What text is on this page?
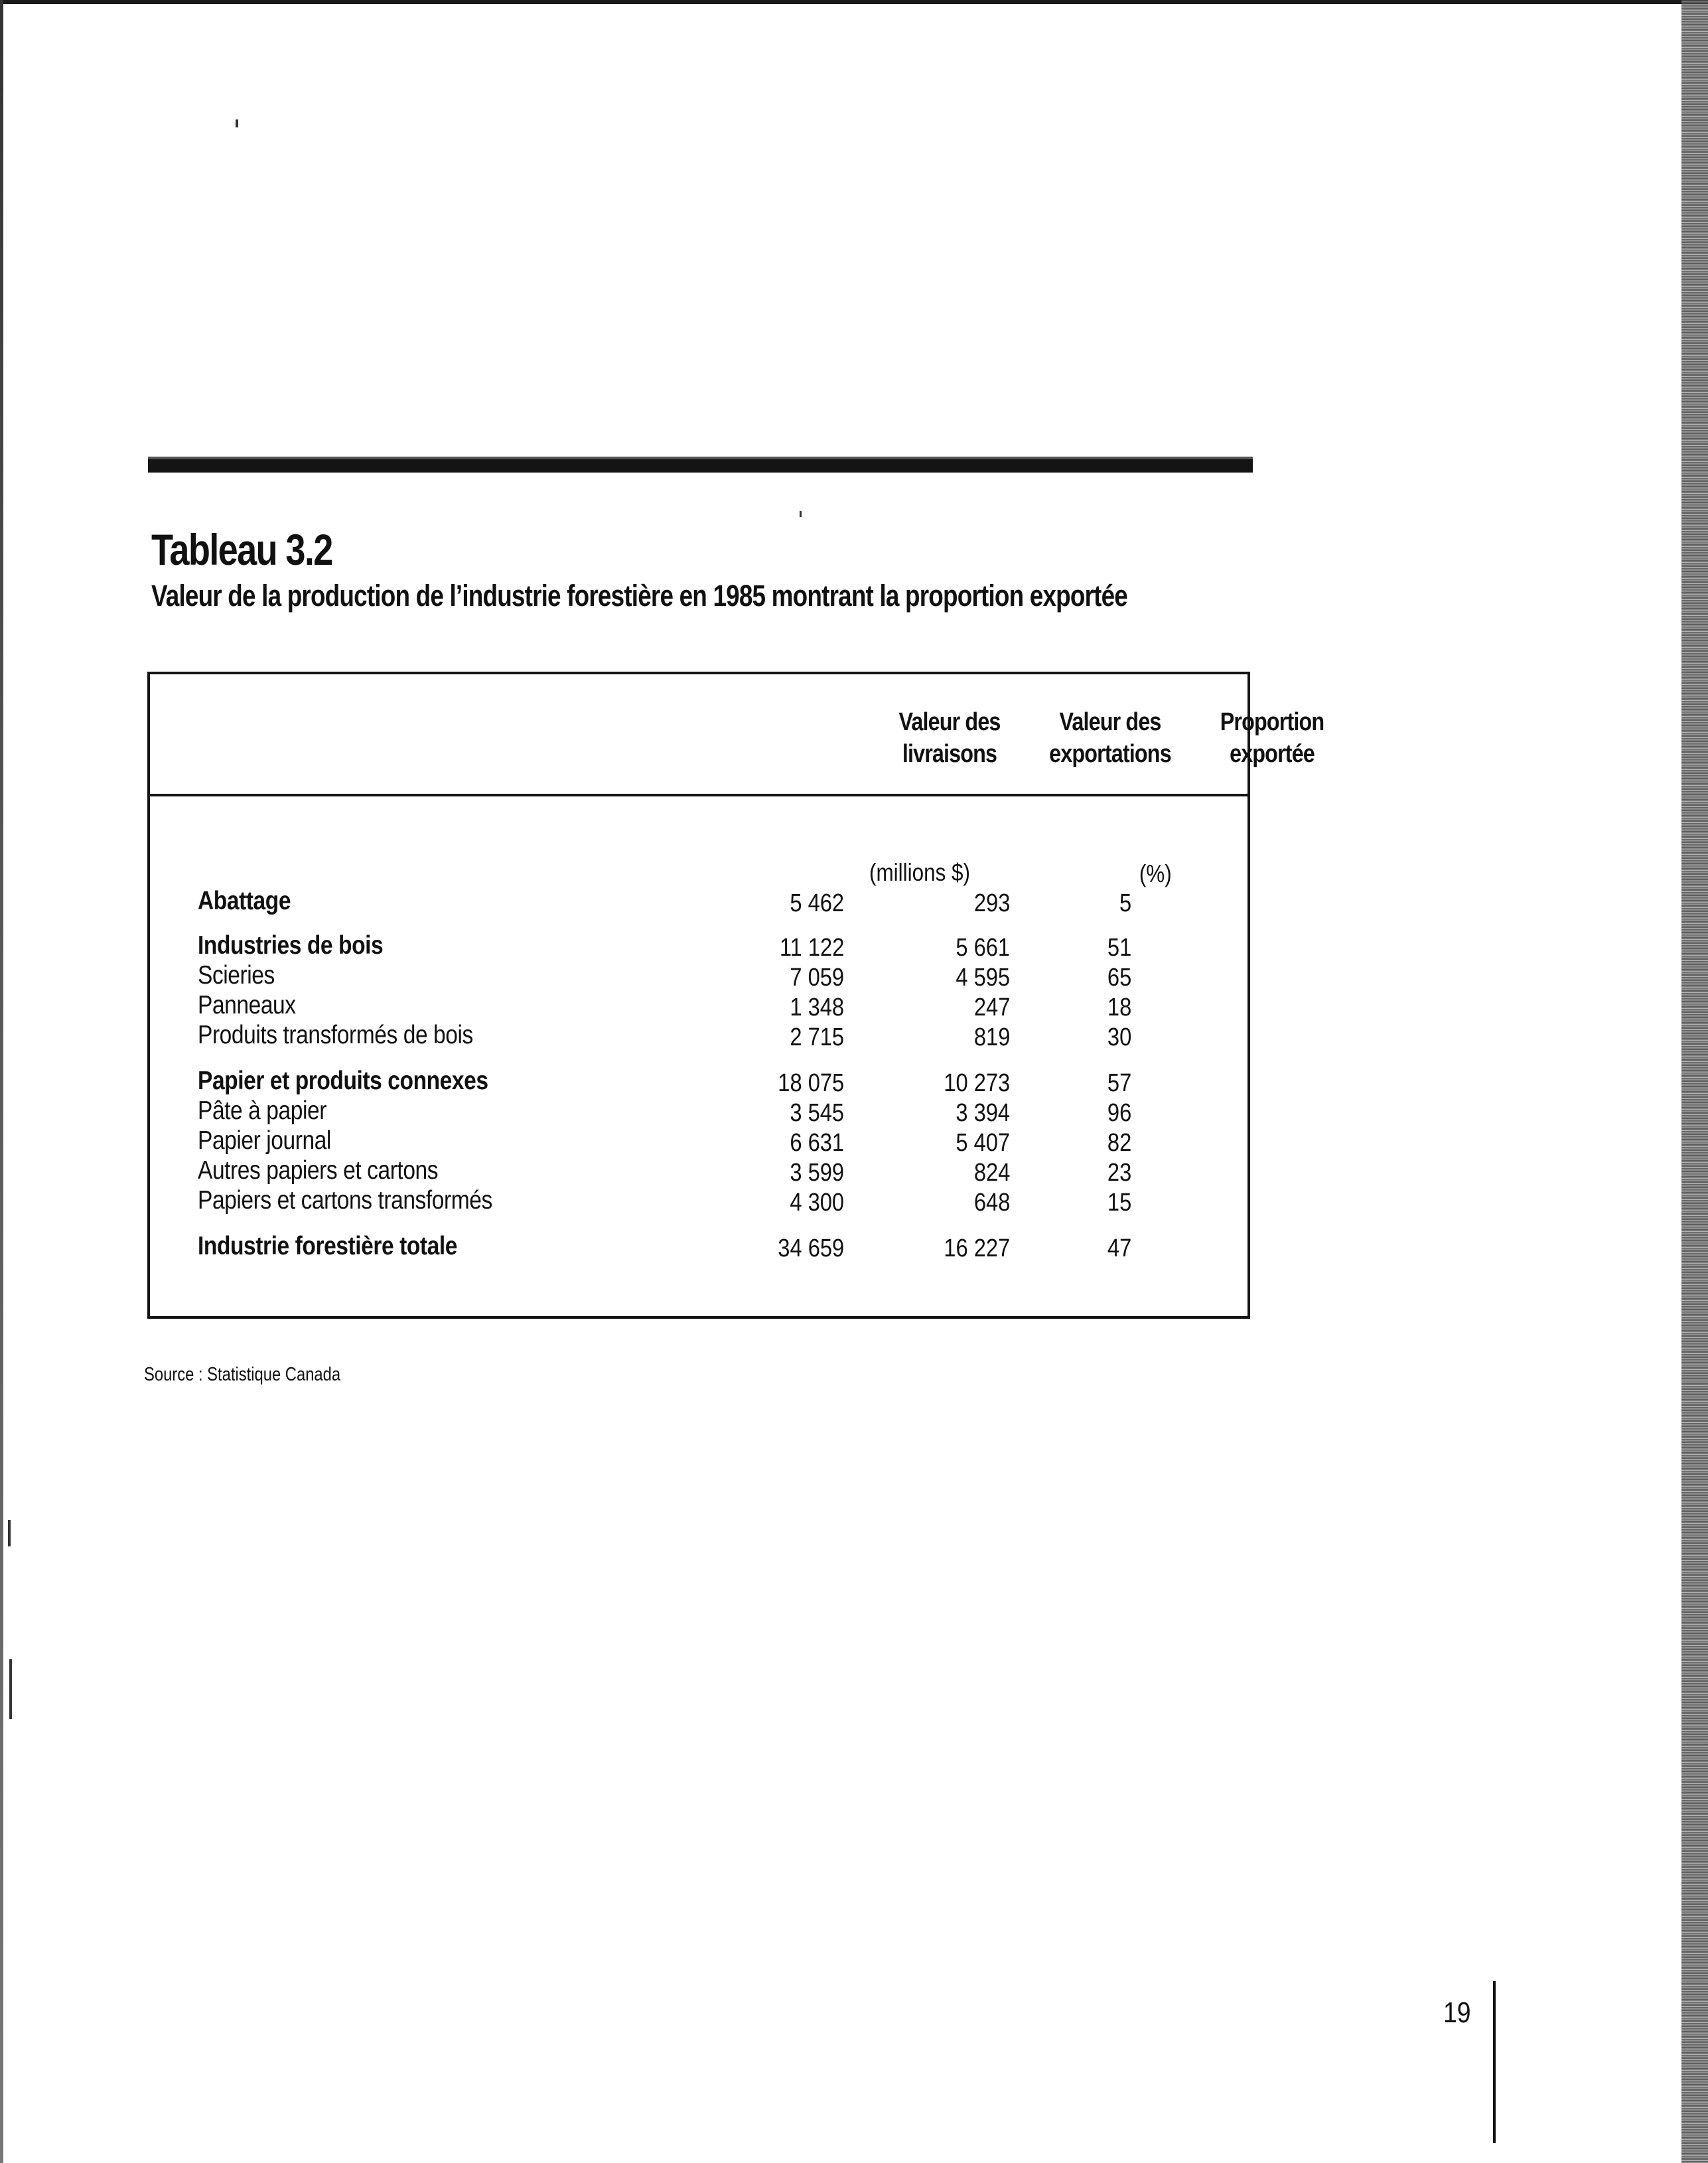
Tableau 3.2
Valeur de la production de l’industrie forestière en 1985 montrant la proportion exportée
Valeur des
livraisons
Valeur des
exportations
Proportion
exportée
(millions $)	(%)
Abattage	5 462	293	5
Industries de bois	11 122	5 661	51
Scieries	7 059	4 595	65
Panneaux	1 348	247	18
Produits transformés de bois	2 715	819	30
Papier et produits connexes	18 075	10 273	57
Pâte à papier	3 545	3 394	96
Papier journal	6 631	5 407	82
Autres papiers et cartons	3 599	824	23
Papiers et cartons transformés	4 300	648	15
Industrie forestière totale	34 659	16 227	47
Source : Statistique Canada
19
